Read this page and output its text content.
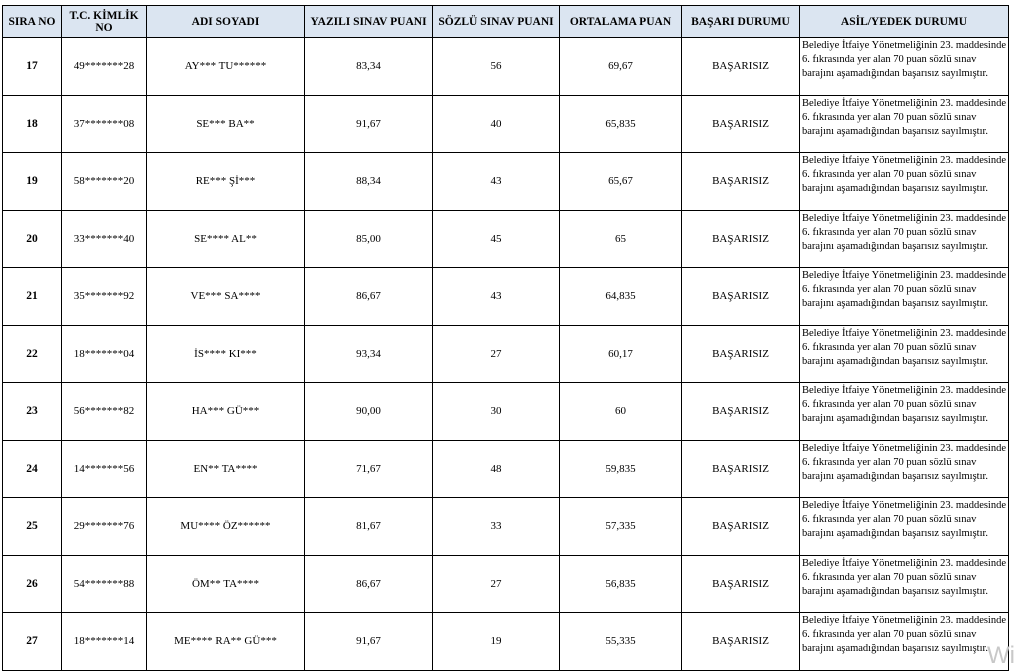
SIRA NO	T.C. KİMLİK NO	ADI SOYADI	YAZILI SINAV PUANI	SÖZLÜ SINAV PUANI	ORTALAMA PUAN	BAŞARI DURUMU	ASİL/YEDEK DURUMU
17	49*******28	AY*** TU******	83,34	56	69,67	BAŞARISIZ	Belediye İtfaiye Yönetmeliğinin 23. maddesinde 6. fıkrasında yer alan 70 puan sözlü sınav barajını aşamadığından başarısız sayılmıştır.
18	37*******08	SE*** BA**	91,67	40	65,835	BAŞARISIZ	Belediye İtfaiye Yönetmeliğinin 23. maddesinde 6. fıkrasında yer alan 70 puan sözlü sınav barajını aşamadığından başarısız sayılmıştır.
19	58*******20	RE*** Şİ***	88,34	43	65,67	BAŞARISIZ	Belediye İtfaiye Yönetmeliğinin 23. maddesinde 6. fıkrasında yer alan 70 puan sözlü sınav barajını aşamadığından başarısız sayılmıştır.
20	33*******40	SE**** AL**	85,00	45	65	BAŞARISIZ	Belediye İtfaiye Yönetmeliğinin 23. maddesinde 6. fıkrasında yer alan 70 puan sözlü sınav barajını aşamadığından başarısız sayılmıştır.
21	35*******92	VE*** SA****	86,67	43	64,835	BAŞARISIZ	Belediye İtfaiye Yönetmeliğinin 23. maddesinde 6. fıkrasında yer alan 70 puan sözlü sınav barajını aşamadığından başarısız sayılmıştır.
22	18*******04	İS**** KI***	93,34	27	60,17	BAŞARISIZ	Belediye İtfaiye Yönetmeliğinin 23. maddesinde 6. fıkrasında yer alan 70 puan sözlü sınav barajını aşamadığından başarısız sayılmıştır.
23	56*******82	HA*** GÜ***	90,00	30	60	BAŞARISIZ	Belediye İtfaiye Yönetmeliğinin 23. maddesinde 6. fıkrasında yer alan 70 puan sözlü sınav barajını aşamadığından başarısız sayılmıştır.
24	14*******56	EN** TA****	71,67	48	59,835	BAŞARISIZ	Belediye İtfaiye Yönetmeliğinin 23. maddesinde 6. fıkrasında yer alan 70 puan sözlü sınav barajını aşamadığından başarısız sayılmıştır.
25	29*******76	MU**** ÖZ******	81,67	33	57,335	BAŞARISIZ	Belediye İtfaiye Yönetmeliğinin 23. maddesinde 6. fıkrasında yer alan 70 puan sözlü sınav barajını aşamadığından başarısız sayılmıştır.
26	54*******88	ÖM** TA****	86,67	27	56,835	BAŞARISIZ	Belediye İtfaiye Yönetmeliğinin 23. maddesinde 6. fıkrasında yer alan 70 puan sözlü sınav barajını aşamadığından başarısız sayılmıştır.
27	18*******14	ME**** RA** GÜ***	91,67	19	55,335	BAŞARISIZ	Belediye İtfaiye Yönetmeliğinin 23. maddesinde 6. fıkrasında yer alan 70 puan sözlü sınav barajını aşamadığından başarısız sayılmıştır.
Wi
